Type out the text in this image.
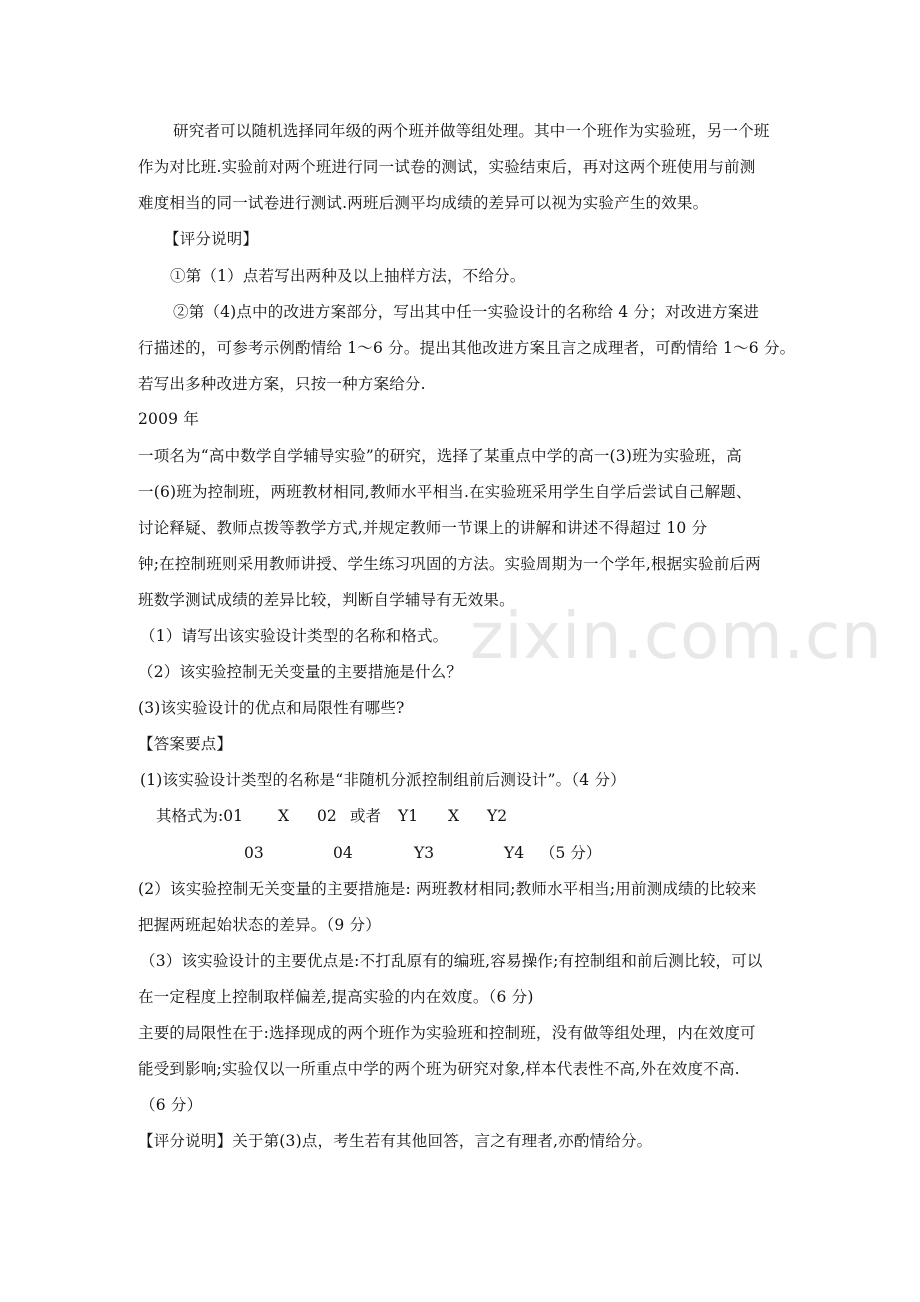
zixin.com.cn
研究者可以随机选择同年级的两个班并做等组处理。其中一个班作为实验班，另一个班
作为对比班.实验前对两个班进行同一试卷的测试，实验结束后，再对这两个班使用与前测
难度相当的同一试卷进行测试.两班后测平均成绩的差异可以视为实验产生的效果。
【评分说明】
①第（1）点若写出两种及以上抽样方法，不给分。
②第（4)点中的改进方案部分，写出其中任一实验设计的名称给 4 分；对改进方案进
行描述的，可参考示例酌情给 1～6 分。提出其他改进方案且言之成理者，可酌情给 1～6 分。
若写出多种改进方案，只按一种方案给分.
2009 年
一项名为“高中数学自学辅导实验”的研究，选择了某重点中学的高一(3)班为实验班，高
一(6)班为控制班，两班教材相同,教师水平相当.在实验班采用学生自学后尝试自己解题、
讨论释疑、教师点拨等教学方式,并规定教师一节课上的讲解和讲述不得超过 10 分
钟;在控制班则采用教师讲授、学生练习巩固的方法。实验周期为一个学年,根据实验前后两
班数学测试成绩的差异比较，判断自学辅导有无效果。
（1）请写出该实验设计类型的名称和格式。
（2）该实验控制无关变量的主要措施是什么？
(3)该实验设计的优点和局限性有哪些?
【答案要点】
(1)该实验设计类型的名称是“非随机分派控制组前后测设计”。（4 分）
其格式为:01 X 02 或者 Y1 X Y2
03	04	Y3	Y4 （5 分）
(2）该实验控制无关变量的主要措施是: 两班教材相同;教师水平相当;用前测成绩的比较来
把握两班起始状态的差异。（9 分）
（3）该实验设计的主要优点是:不打乱原有的编班,容易操作;有控制组和前后测比较，可以
在一定程度上控制取样偏差,提高实验的内在效度。（6 分)
主要的局限性在于:选择现成的两个班作为实验班和控制班，没有做等组处理，内在效度可
能受到影响;实验仅以一所重点中学的两个班为研究对象,样本代表性不高,外在效度不高.
（6 分）
【评分说明】关于第(3)点，考生若有其他回答，言之有理者,亦酌情给分。
